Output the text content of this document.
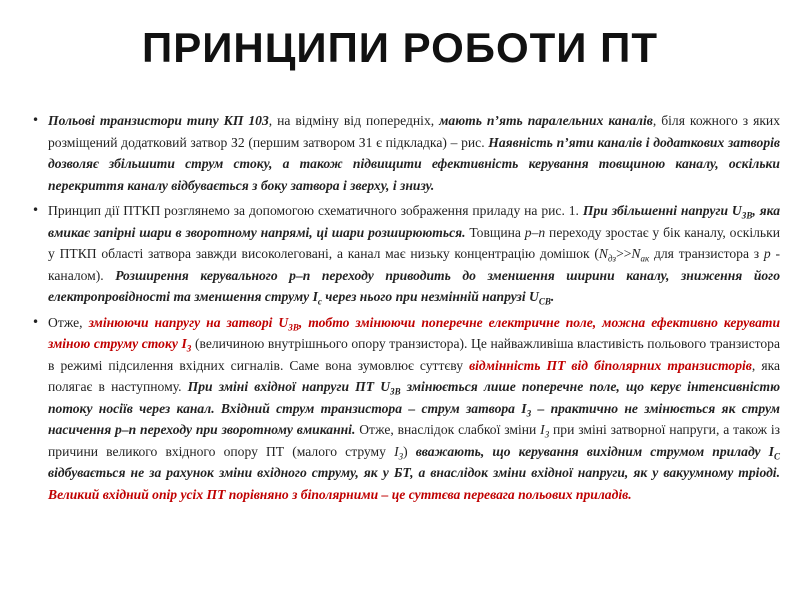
ПРИНЦИПИ РОБОТИ ПТ

• Польові транзистори типу КП 103, на відміну від попередніх, мають п’ять паралельних каналів, біля кожного з яких розміщений додатковий затвор З2 (першим затвором З1 є підкладка) – рис. Наявність п’яти каналів і додаткових затворів дозволяє збільшити струм стоку, а також підвищити ефективність керування товщиною каналу, оскільки перекриття каналу відбувається з боку затвора і зверху, і знизу.

• Принцип дії ПТКП розглянемо за допомогою схематичного зображення приладу на рис. 1. При збільшенні напруги $U_{ЗВ}$, яка вмикає запірні шари в зворотному напрямі, ці шари розширюються. Товщина p–n переходу зростає у бік каналу, оскільки у ПТКП області затвора завжди високолеговані, а канал має низьку концентрацію домішок ($N_{дз}>>N_{ак}$ для транзистора з р - каналом). Розширення керувального p–n переходу приводить до зменшення ширини каналу, зниження його електропровідності та зменшення струму $I_c$ через нього при незмінній напрузі $U_{СВ}$.

• Отже, змінюючи напругу на затворі $U_{ЗВ}$, тобто змінюючи поперечне електричне поле, можна ефективно керувати зміною струму стоку $I_З$ (величиною внутрішнього опору транзистора). Це найважливіша властивість польового транзистора в режимі підсилення вхідних сигналів. Саме вона зумовлює суттєву відмінність ПТ від біполярних транзисторів, яка полягає в наступному. При зміні вхідної напруги ПТ $U_{ЗВ}$ змінюється лише поперечне поле, що керує інтенсивністю потоку носіїв через канал. Вхідний струм транзистора – струм затвора $I_З$ – практично не змінюється як струм насичення p–n переходу при зворотному вмиканні. Отже, внаслідок слабкої зміни $I_З$ при зміні затворної напруги, а також із причини великого вхідного опору ПТ (малого струму $I_З$) вважають, що керування вихідним струмом приладу $I_C$ відбувається не за рахунок зміни вхідного струму, як у БТ, а внаслідок зміни вхідної напруги, як у вакуумному тріоді. Великий вхідний опір усіх ПТ порівняно з біполярними – це суттєва перевага польових приладів.
